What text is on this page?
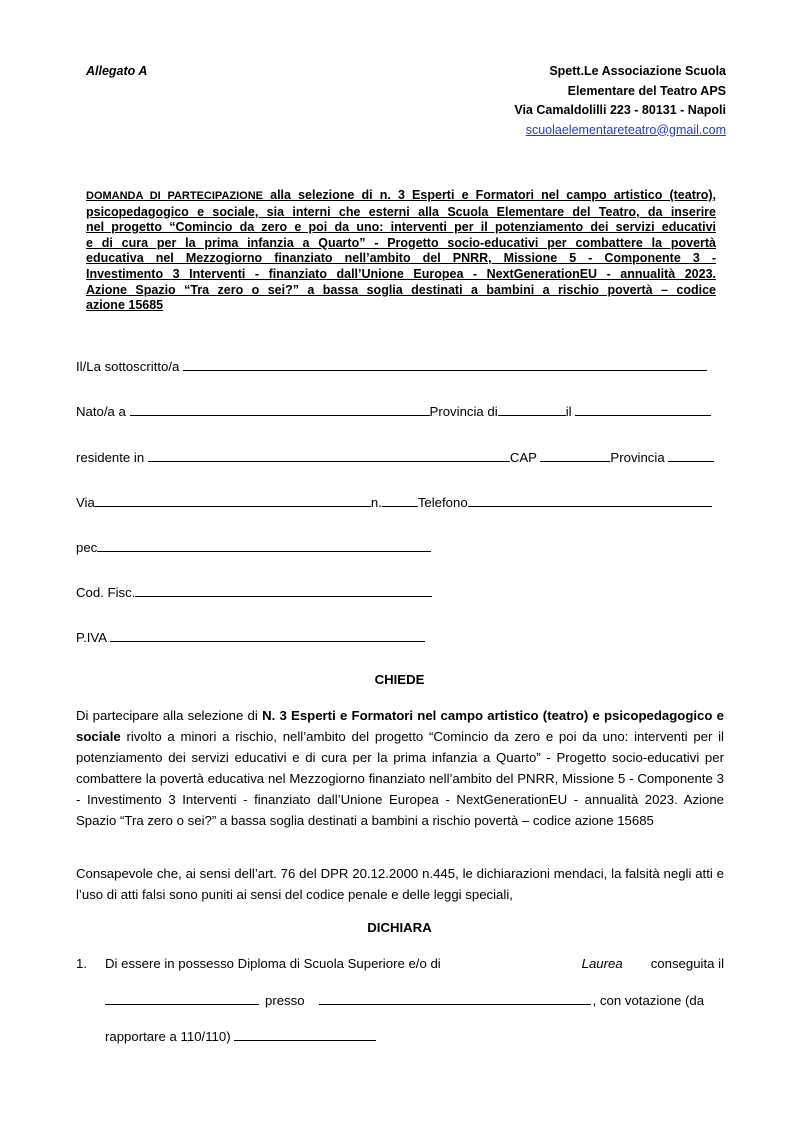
Allegato A	Spett.Le Associazione Scuola
Elementare del Teatro APS
Via Camaldolilli 223 - 80131 - Napoli
scuolaelementareteatro@gmail.com
DOMANDA DI PARTECIPAZIONE alla selezione di n. 3 Esperti e Formatori nel campo artistico (teatro),
psicopedagogico e sociale, sia interni che esterni alla Scuola Elementare del Teatro, da inserire
nel progetto “Comincio da zero e poi da uno: interventi per il potenziamento dei servizi educativi
e di cura per la prima infanzia a Quarto” - Progetto socio-educativi per combattere la povertà
educativa nel Mezzogiorno finanziato nell’ambito del PNRR, Missione 5 - Componente 3 -
Investimento 3 Interventi - finanziato dall’Unione Europea - NextGenerationEU - annualità 2023.
Azione Spazio “Tra zero o sei?” a bassa soglia destinati a bambini a rischio povertà – codice
azione 15685
Il/La sottoscritto/a
Nato/a a	Provincia di	il
residente in	CAP	Provincia
Via	n.	Telefono
pec
Cod. Fisc.
P.IVA
CHIEDE
Di partecipare alla selezione di N. 3 Esperti e Formatori nel campo artistico (teatro) e psicopedagogico e sociale rivolto a minori a rischio, nell’ambito del progetto “Comincio da zero e poi da uno: interventi per il potenziamento dei servizi educativi e di cura per la prima infanzia a Quarto” - Progetto socio-educativi per combattere la povertà educativa nel Mezzogiorno finanziato nell’ambito del PNRR, Missione 5 - Componente 3 - Investimento 3 Interventi - finanziato dall’Unione Europea - NextGenerationEU - annualità 2023. Azione Spazio “Tra zero o sei?” a bassa soglia destinati a bambini a rischio povertà – codice azione 15685
Consapevole che, ai sensi dell’art. 76 del DPR 20.12.2000 n.445, le dichiarazioni mendaci, la falsità negli atti e l’uso di atti falsi sono puniti ai sensi del codice penale e delle leggi speciali,
DICHIARA
1. Di essere in possesso Diploma di Scuola Superiore e/o di	Laurea conseguita il
presso	, con votazione (da
rapportare a 110/110)
